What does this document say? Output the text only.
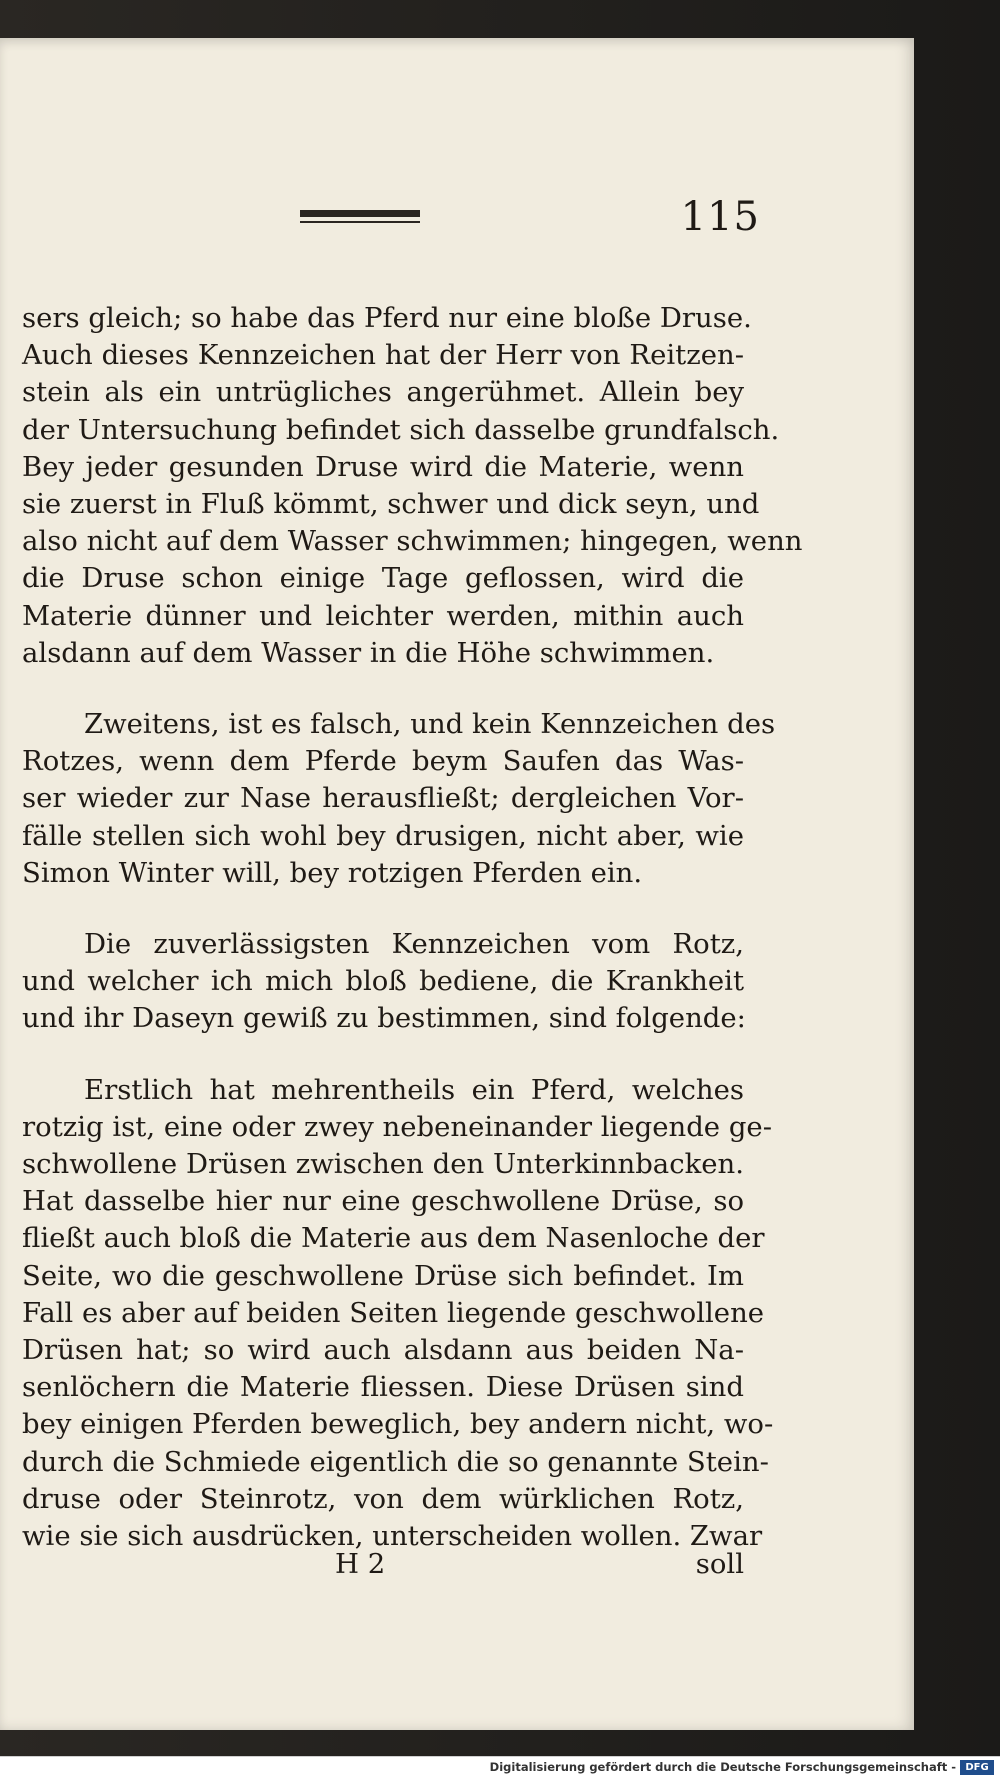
115
sers gleich; so habe das Pferd nur eine bloße Druse.
Auch dieses Kennzeichen hat der Herr von Reitzen-
stein als ein untrügliches angerühmet. Allein bey
der Untersuchung befindet sich dasselbe grundfalsch.
Bey jeder gesunden Druse wird die Materie, wenn
sie zuerst in Fluß kömmt, schwer und dick seyn, und
also nicht auf dem Wasser schwimmen; hingegen, wenn
die Druse schon einige Tage geflossen, wird die
Materie dünner und leichter werden, mithin auch
alsdann auf dem Wasser in die Höhe schwimmen.
Zweitens, ist es falsch, und kein Kennzeichen des
Rotzes, wenn dem Pferde beym Saufen das Was-
ser wieder zur Nase herausfließt; dergleichen Vor-
fälle stellen sich wohl bey drusigen, nicht aber, wie
Simon Winter will, bey rotzigen Pferden ein.
Die zuverlässigsten Kennzeichen vom Rotz,
und welcher ich mich bloß bediene, die Krankheit
und ihr Daseyn gewiß zu bestimmen, sind folgende:
Erstlich hat mehrentheils ein Pferd, welches
rotzig ist, eine oder zwey nebeneinander liegende ge-
schwollene Drüsen zwischen den Unterkinnbacken.
Hat dasselbe hier nur eine geschwollene Drüse, so
fließt auch bloß die Materie aus dem Nasenloche der
Seite, wo die geschwollene Drüse sich befindet. Im
Fall es aber auf beiden Seiten liegende geschwollene
Drüsen hat; so wird auch alsdann aus beiden Na-
senlöchern die Materie fliessen. Diese Drüsen sind
bey einigen Pferden beweglich, bey andern nicht, wo-
durch die Schmiede eigentlich die so genannte Stein-
druse oder Steinrotz, von dem würklichen Rotz,
wie sie sich ausdrücken, unterscheiden wollen. Zwar
H 2	soll
Digitalisierung gefördert durch die Deutsche Forschungsgemeinschaft - DFG
